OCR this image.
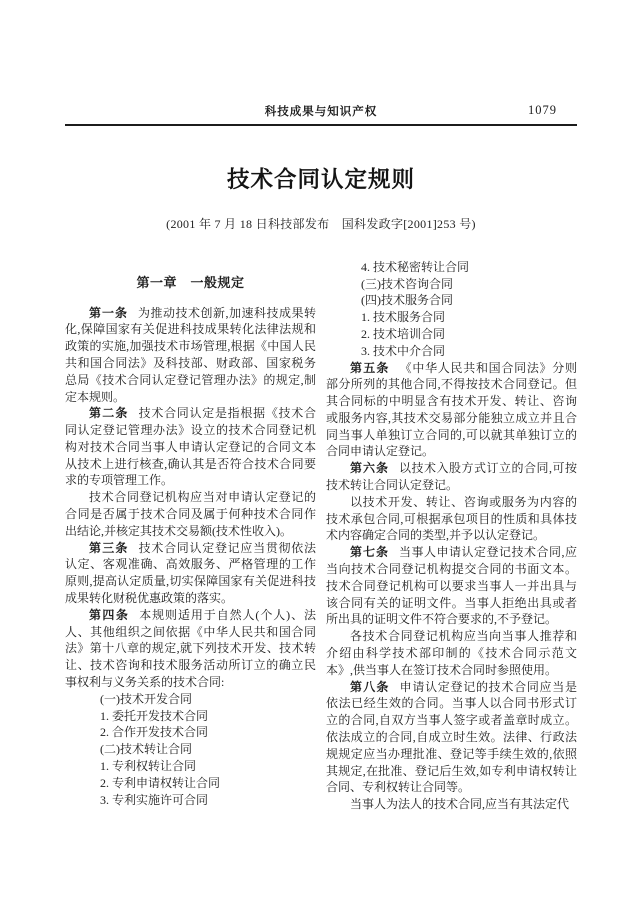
科技成果与知识产权	1079
技术合同认定规则
(2001 年 7 月 18 日科技部发布　国科发政字[2001]253 号)

第一章　一般规定

第一条 为推动技术创新,加速科技成果转化,保障国家有关促进科技成果转化法律法规和政策的实施,加强技术市场管理,根据《中国人民共和国合同法》及科技部、财政部、国家税务总局《技术合同认定登记管理办法》的规定,制定本规则。

第二条 技术合同认定是指根据《技术合同认定登记管理办法》设立的技术合同登记机构对技术合同当事人申请认定登记的合同文本从技术上进行核查,确认其是否符合技术合同要求的专项管理工作。

技术合同登记机构应当对申请认定登记的合同是否属于技术合同及属于何种技术合同作出结论,并核定其技术交易额(技术性收入)。

第三条 技术合同认定登记应当贯彻依法认定、客观准确、高效服务、严格管理的工作原则,提高认定质量,切实保障国家有关促进科技成果转化财税优惠政策的落实。

第四条 本规则适用于自然人(个人)、法人、其他组织之间依据《中华人民共和国合同法》第十八章的规定,就下列技术开发、技术转让、技术咨询和技术服务活动所订立的确立民事权利与义务关系的技术合同:

(一)技术开发合同

1. 委托开发技术合同

2. 合作开发技术合同

(二)技术转让合同

1. 专利权转让合同

2. 专利申请权转让合同

3. 专利实施许可合同

4. 技术秘密转让合同

(三)技术咨询合同

(四)技术服务合同

1. 技术服务合同

2. 技术培训合同

3. 技术中介合同

第五条 《中华人民共和国合同法》分则部分所列的其他合同,不得按技术合同登记。但其合同标的中明显含有技术开发、转让、咨询或服务内容,其技术交易部分能独立成立并且合同当事人单独订立合同的,可以就其单独订立的合同申请认定登记。

第六条 以技术入股方式订立的合同,可按技术转让合同认定登记。

以技术开发、转让、咨询或服务为内容的技术承包合同,可根据承包项目的性质和具体技术内容确定合同的类型,并予以认定登记。

第七条 当事人申请认定登记技术合同,应当向技术合同登记机构提交合同的书面文本。技术合同登记机构可以要求当事人一并出具与该合同有关的证明文件。当事人拒绝出具或者所出具的证明文件不符合要求的,不予登记。

各技术合同登记机构应当向当事人推荐和介绍由科学技术部印制的《技术合同示范文本》,供当事人在签订技术合同时参照使用。

第八条 申请认定登记的技术合同应当是依法已经生效的合同。当事人以合同书形式订立的合同,自双方当事人签字或者盖章时成立。依法成立的合同,自成立时生效。法律、行政法规规定应当办理批准、登记等手续生效的,依照其规定,在批准、登记后生效,如专利申请权转让合同、专利权转让合同等。

当事人为法人的技术合同,应当有其法定代
